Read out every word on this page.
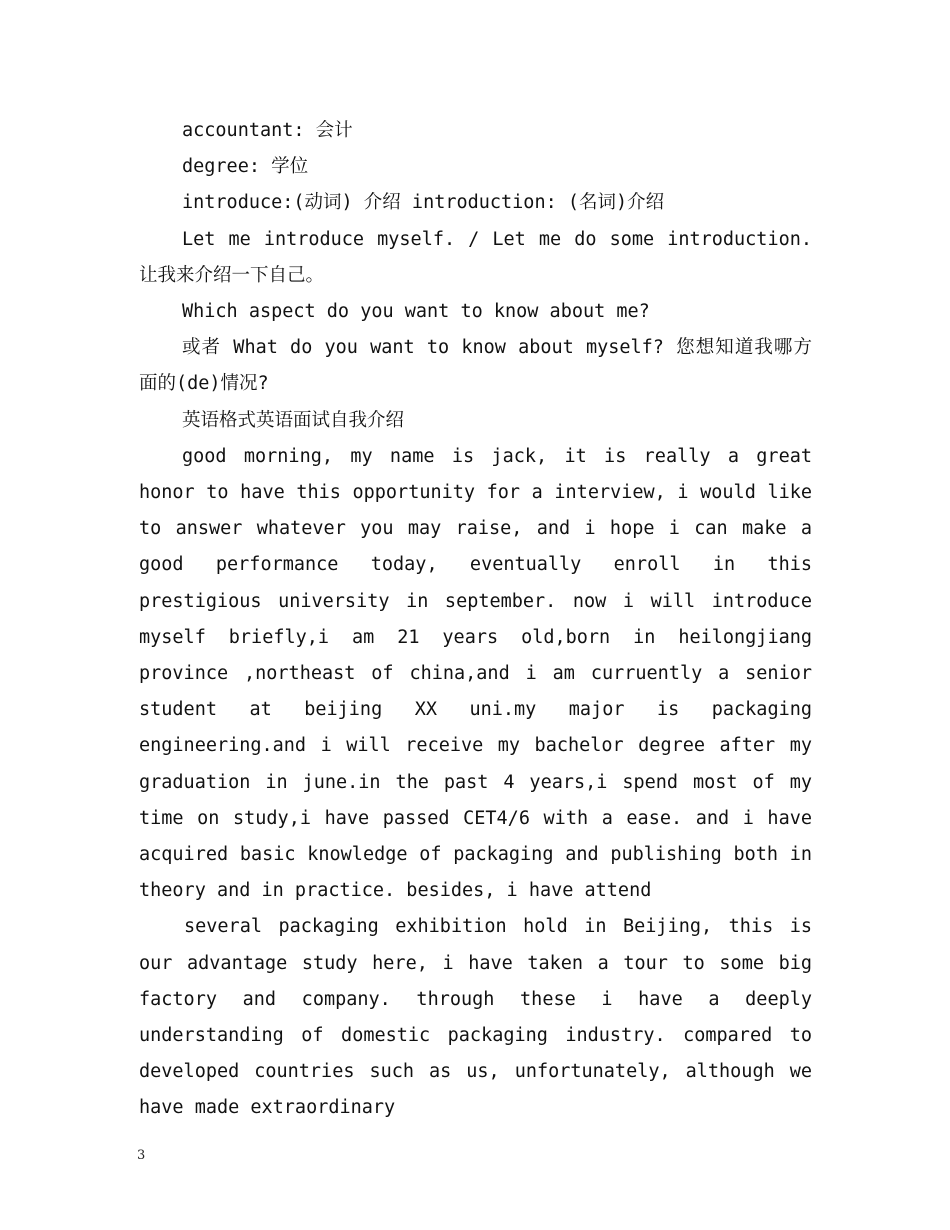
accountant: 会计

degree: 学位

introduce:(动词) 介绍 introduction: (名词)介绍

Let me introduce myself. / Let me do some introduction. 让我来介绍一下自己。

Which aspect do you want to know about me?

或者 What do you want to know about myself? 您想知道我哪方面的(de)情况?

英语格式英语面试自我介绍

good morning, my name is jack, it is really a great honor to have this opportunity for a interview, i would like to answer whatever you may raise, and i hope i can make a good performance today, eventually enroll in this prestigious university in september. now i will introduce myself briefly,i am 21 years old,born in heilongjiang province ,northeast of china,and i am curruently a senior student at beijing XX uni.my major is packaging engineering.and i will receive my bachelor degree after my graduation in june.in the past 4 years,i spend most of my time on study,i have passed CET4/6 with a ease. and i have acquired basic knowledge of packaging and publishing both in theory and in practice. besides, i have attend

several packaging exhibition hold in Beijing, this is our advantage study here, i have taken a tour to some big factory and company. through these i have a deeply understanding of domestic packaging industry. compared to developed countries such as us, unfortunately, although we have made extraordinary

3
